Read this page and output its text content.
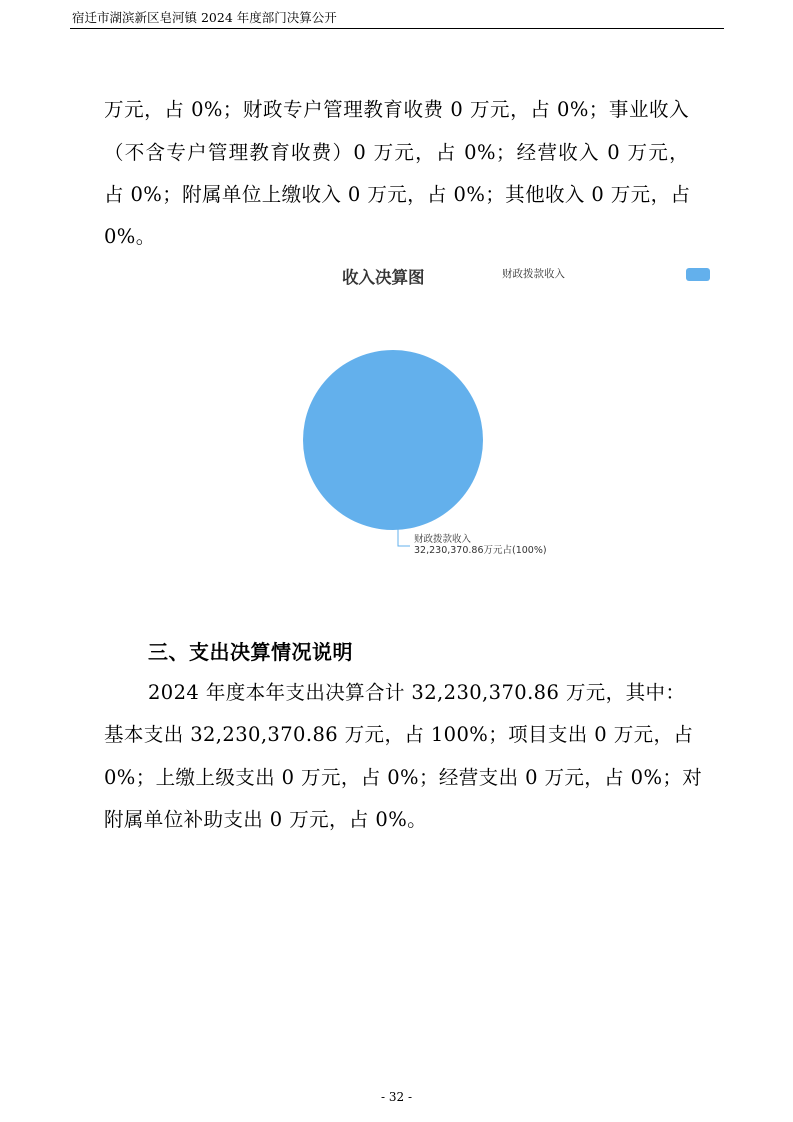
宿迁市湖滨新区皂河镇 2024 年度部门决算公开
万元，占 0%；财政专户管理教育收费 0 万元，占 0%；事业收入
（不含专户管理教育收费）0 万元，占 0%；经营收入 0 万元，
占 0%；附属单位上缴收入 0 万元，占 0%；其他收入 0 万元，占
0%。
收入决算图	财政拨款收入
财政拨款收入
32,230,370.86万元占(100%)
三、支出决算情况说明
2024 年度本年支出决算合计 32,230,370.86 万元，其中：
基本支出 32,230,370.86 万元，占 100%；项目支出 0 万元，占
0%；上缴上级支出 0 万元，占 0%；经营支出 0 万元，占 0%；对
附属单位补助支出 0 万元，占 0%。
- 32 -
